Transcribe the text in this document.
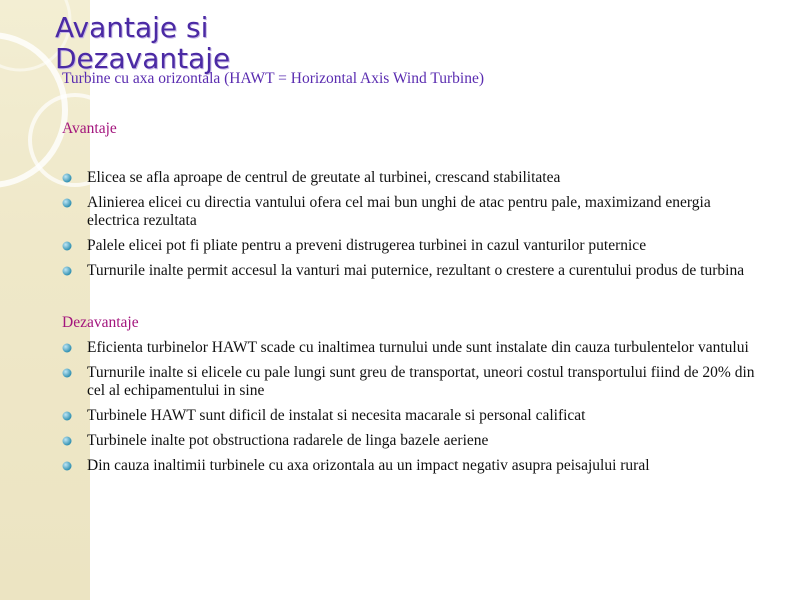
Avantaje si Dezavantaje

Turbine cu axa orizontala (HAWT = Horizontal Axis Wind Turbine)

Avantaje

Elicea se afla aproape de centrul de greutate al turbinei, crescand stabilitatea
Alinierea elicei cu directia vantului ofera cel mai bun unghi de atac pentru pale, maximizand energia electrica rezultata
Palele elicei pot fi pliate pentru a preveni distrugerea turbinei in cazul vanturilor puternice
Turnurile inalte permit accesul la vanturi mai puternice, rezultant o crestere a curentului produs de turbina

Dezavantaje

Eficienta turbinelor HAWT scade cu inaltimea turnului unde sunt instalate din cauza turbulentelor vantului
Turnurile inalte si elicele cu pale lungi sunt greu de transportat, uneori costul transportului fiind de 20% din cel al echipamentului in sine
Turbinele HAWT sunt dificil de instalat si necesita macarale si personal calificat
Turbinele inalte pot obstructiona radarele de linga bazele aeriene
Din cauza inaltimii turbinele cu axa orizontala au un impact negativ asupra peisajului rural
